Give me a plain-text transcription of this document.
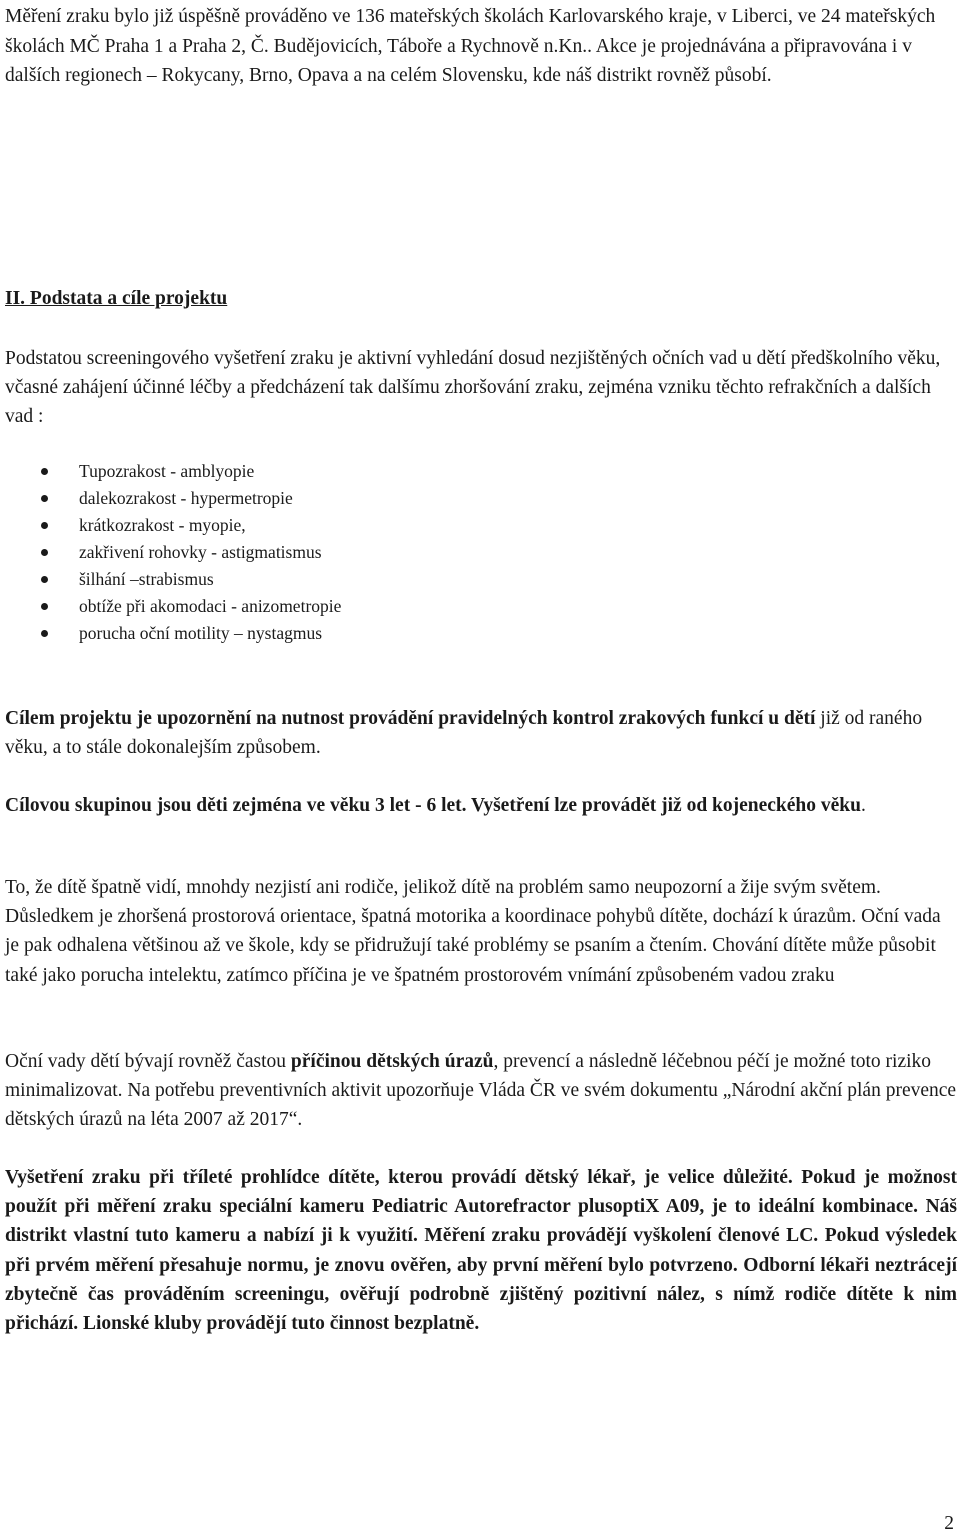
Měření zraku bylo již úspěšně prováděno ve 136 mateřských školách Karlovarského kraje, v Liberci, ve 24 mateřských školách MČ Praha 1 a Praha 2, Č. Budějovicích, Táboře a Rychnově n.Kn.. Akce je projednávána a připravována i v dalších regionech – Rokycany, Brno, Opava a na celém Slovensku, kde náš distrikt rovněž působí.

II. Podstata a cíle projektu

Podstatou screeningového vyšetření zraku je aktivní vyhledání dosud nezjištěných očních vad u dětí předškolního věku, včasné zahájení účinné léčby a předcházení tak dalšímu zhoršování zraku, zejména vzniku těchto refrakčních a dalších vad :

Tupozrakost - amblyopie
dalekozrakost - hypermetropie
krátkozrakost - myopie,
zakřivení rohovky - astigmatismus
šilhání –strabismus
obtíže při akomodaci - anizometropie
porucha oční motility – nystagmus

Cílem projektu je upozornění na nutnost provádění pravidelných kontrol zrakových funkcí u dětí již od raného věku, a to stále dokonalejším způsobem.

Cílovou skupinou jsou děti zejména ve věku 3 let - 6 let. Vyšetření lze provádět již od kojeneckého věku.

To, že dítě špatně vidí, mnohdy nezjistí ani rodiče, jelikož dítě na problém samo neupozorní a žije svým světem. Důsledkem je zhoršená prostorová orientace, špatná motorika a koordinace pohybů dítěte, dochází k úrazům. Oční vada je pak odhalena většinou až ve škole, kdy se přidružují také problémy se psaním a čtením. Chování dítěte může působit také jako porucha intelektu, zatímco příčina je ve špatném prostorovém vnímání způsobeném vadou zraku

Oční vady dětí bývají rovněž častou příčinou dětských úrazů, prevencí a následně léčebnou péčí je možné toto riziko minimalizovat. Na potřebu preventivních aktivit upozorňuje Vláda ČR ve svém dokumentu „Národní akční plán prevence dětských úrazů na léta 2007 až 2017“.

Vyšetření zraku při tříleté prohlídce dítěte, kterou provádí dětský lékař, je velice důležité. Pokud je možnost použít při měření zraku speciální kameru Pediatric Autorefractor plusoptiX A09, je to ideální kombinace. Náš distrikt vlastní tuto kameru a nabízí ji k využití. Měření zraku provádějí vyškolení členové LC. Pokud výsledek při prvém měření přesahuje normu, je znovu ověřen, aby první měření bylo potvrzeno. Odborní lékaři neztrácejí zbytečně čas prováděním screeningu, ověřují podrobně zjištěný pozitivní nález, s nímž rodiče dítěte k nim přichází. Lionské kluby provádějí tuto činnost bezplatně.

2
